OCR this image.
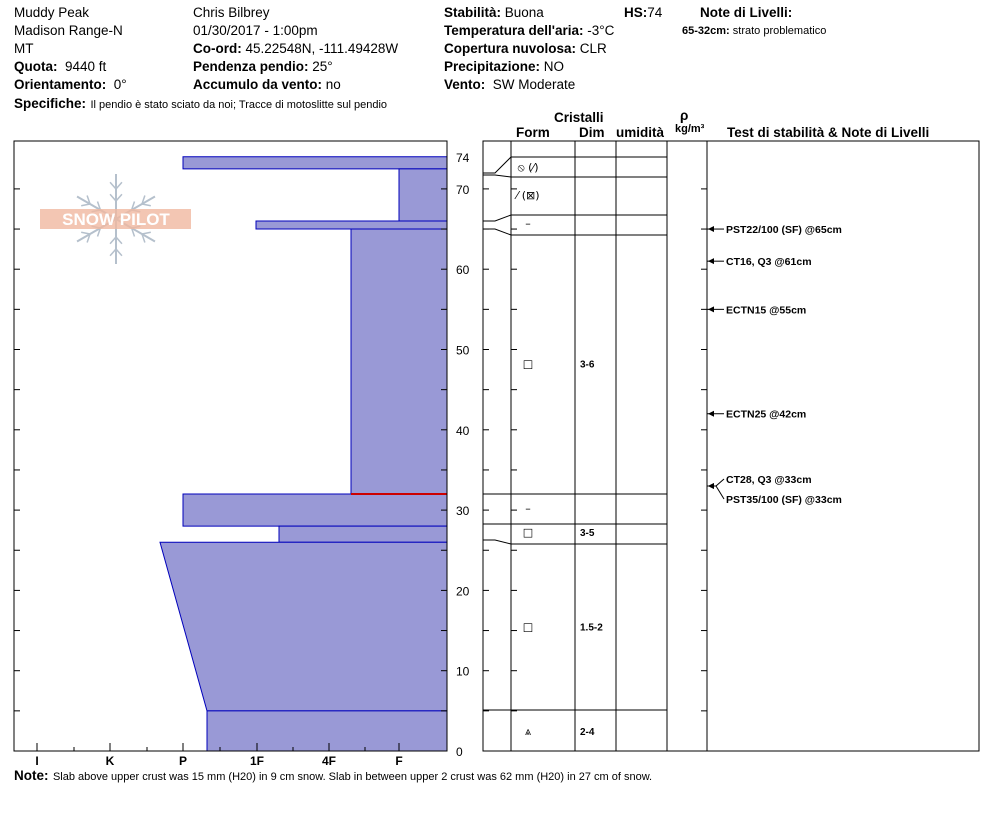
Muddy Peak
Madison Range-N
MT
Quota: 9440 ft
Orientamento: 0°
Specifiche: Il pendio è stato sciato da noi; Tracce di motoslitte sul pendio
Chris Bilbrey
01/30/2017 - 1:00pm
Co-ord: 45.22548N, -111.49428W
Pendenza pendio: 25°
Accumulo da vento: no
Stabilità: Buona	HS:74
Temperatura dell'aria: -3°C
Copertura nuvolosa: CLR
Precipitazione: NO
Vento: SW Moderate
Note di Livelli:
65-32cm: strato problematico
Cristalli
Form Dim umidità
ρ
kg/m³ Test di stabilità & Note di Livelli
SNOW PILOT
0
10
20
30
40
50
60
70
74
I	K	P	1F	4F	F
⦸ (⁄)
⁄ (⊠)
–
□	3-6
–
□	3-5
□	1.5-2
⩓	2-4
PST22/100 (SF) @65cm
CT16, Q3 @61cm
ECTN15 @55cm
ECTN25 @42cm
CT28, Q3 @33cm
PST35/100 (SF) @33cm
Note: Slab above upper crust was 15 mm (H20) in 9 cm snow. Slab in between upper 2 crust was 62 mm (H20) in 27 cm of snow.
